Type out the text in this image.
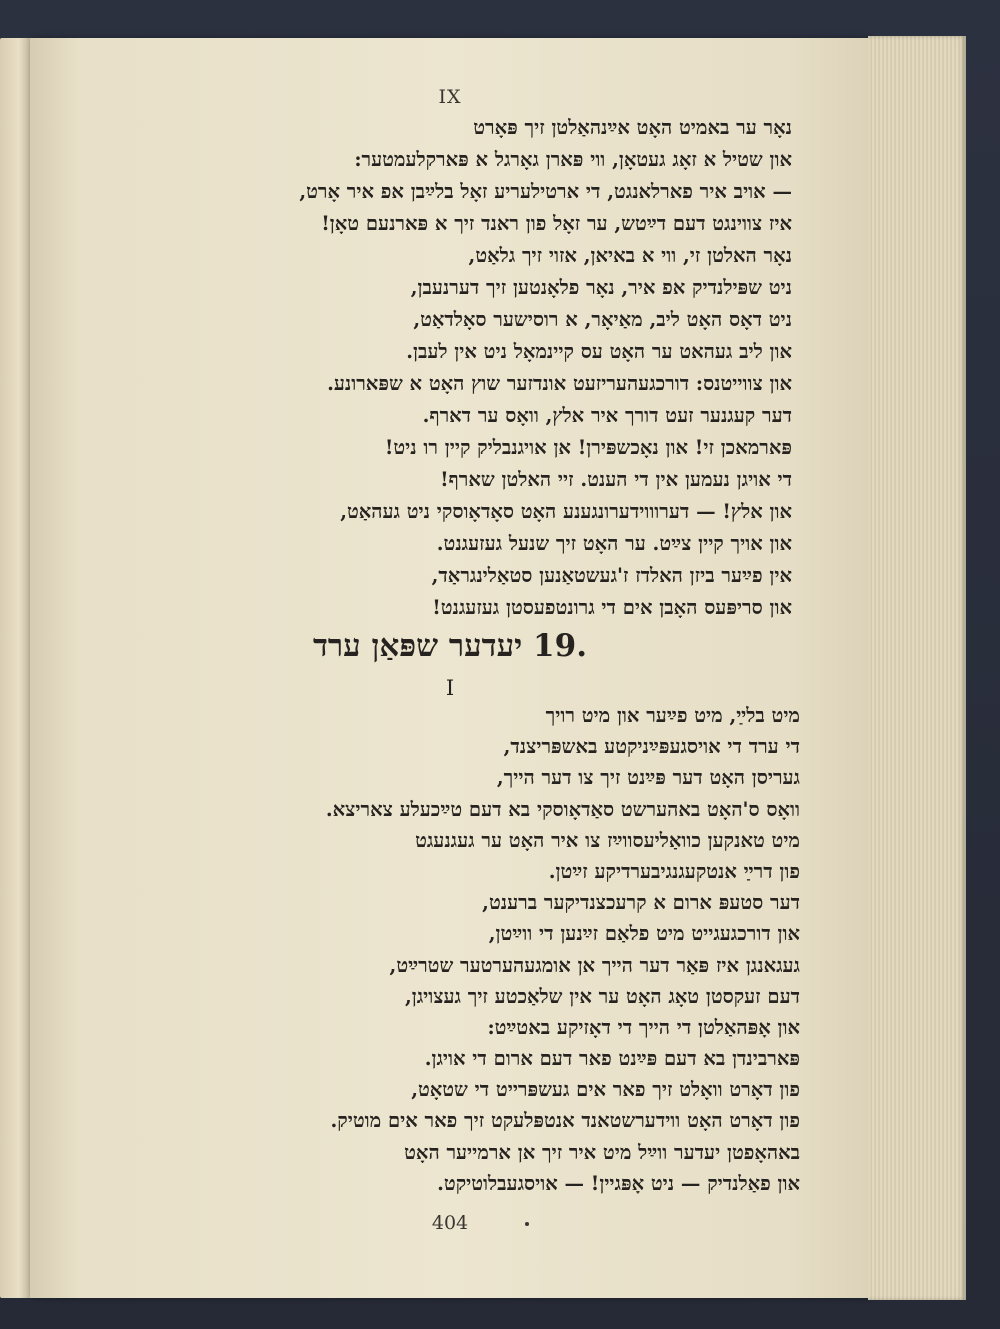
IX
נאָר ער באמיט האָט אײַנהאַלטן זיך פּאָרט
און שטיל א זאָג געטאָן, ווי פּארן גאָרגל א פּארקלעמטער:
— אויב איר פארלאנגט, די ארטילעריע זאָל בלײַבן אפ איר אָרט,
איז צווינגט דעם דײַטש, ער זאָל פון ראנד זיך א פּארנעם טאָן!
נאָר האלטן זי, ווי א באיאן, אזוי זיך גלאַט,
ניט שפּילנדיק אפ איר, נאָר פלאָנטען זיך דערנעבן,
ניט דאָס האָט ליב, מאַיאָר, א רוסישער סאָלדאַט,
און ליב געהאט ער האָט עס קיינמאָל ניט אין לעבן.
און צווייטנס: דורכגעהעריזעט אונדזער שוץ האָט א שפּארונע.
דער קעגנער זעט דורך איר אלץ, וואָס ער דארף.
פּארמאכן זי! און נאָכשפּירן! אן אויגנבליק קיין רו ניט!
די אויגן נעמען אין די הענט. זיי האלטן שארף!
און אלץ! — דערוווידערונגענע האָט סאָדאָוסקי ניט געהאַט,
און אויך קיין צײַט. ער האָט זיך שנעל געזעגנט.
אין פײַער ביזן האלדז ז'געשטאַנען סטאַלינגראַד,
און סריפּעס האָבן אים די גרונטפעסטן געזעגנט!
.19 יעדער שפּאַן ערד
I
מיט בלײַ, מיט פײַער און מיט רויך
די ערד די אויסגעפּײַניקטע באשפּריצנד,
געריסן האָט דער פּײַנט זיך צו דער הייך,
וואָס ס'האָט באהערשט סאַדאָוסקי בא דעם טײַכעלע צאריצא.
מיט טאנקען כוואַליעסווײַז צו איר האָט ער געגנעגט
פון דרײַ אנטקעגנגיבערדיקע זײַטן.
דער סטעפּ ארום א קרעכצנדיקער ברענט,
און דורכגעגייט מיט פלאַם זײַנען די ווײַטן,
געגאנגן איז פּאַר דער הייך אן אומגעהערטער שטרײַט,
דעם זעקסטן טאָג האָט ער אין שלאַכטע זיך געצויגן,
און אָפּהאַלטן די הייך די דאָזיקע באטײַט:
פּארבינדן בא דעם פּײַנט פאר דעם ארום די אויגן.
פון דאָרט וואָלט זיך פאר אים געשפּרייט די שטאָט,
פון דאָרט האָט ווידערשטאנד אנטפּלעקט זיך פאר אים מוטיק.
באהאָפטן יעדער ווײַל מיט איר זיך אן ארמייער האָט
און פאַלנדיק — ניט אָפּגיין! — אויסגעבלוטיקט.
404
